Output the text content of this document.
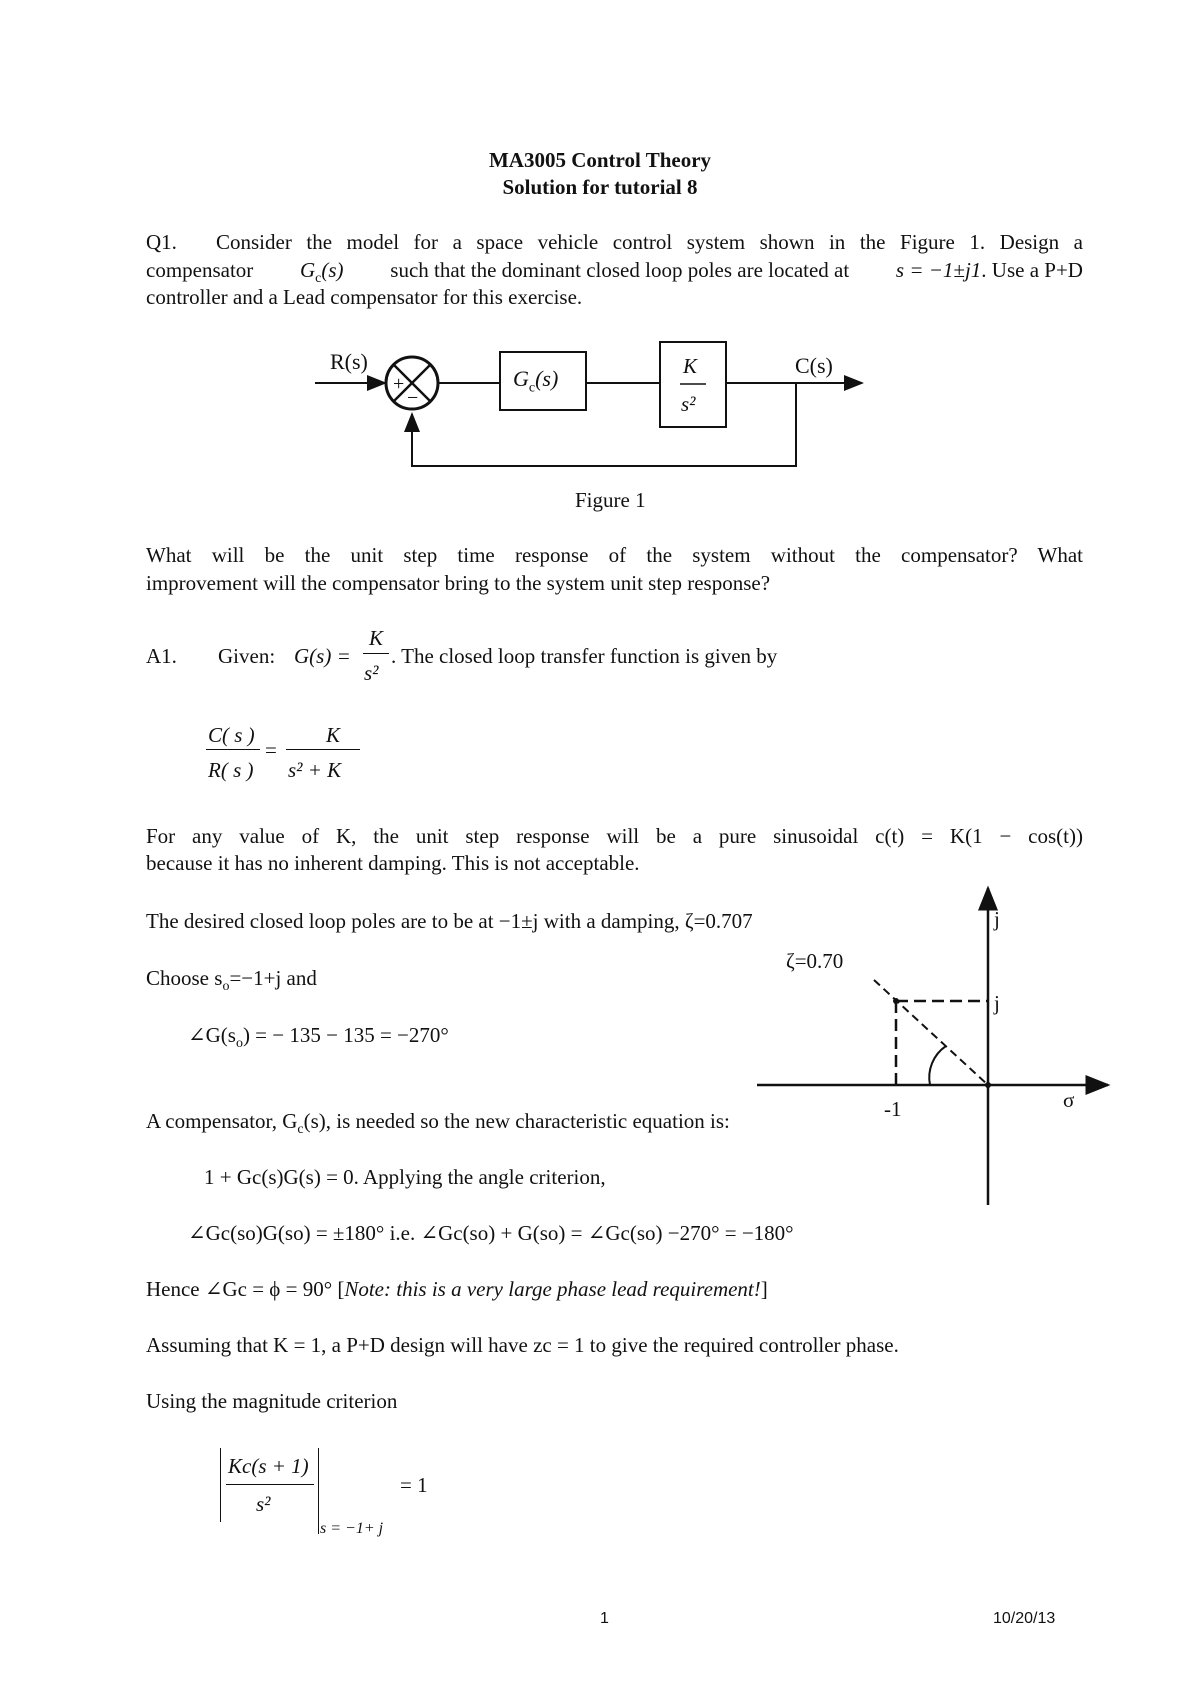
MA3005 Control Theory
Solution for tutorial 8
Q1. Consider the model for a space vehicle control system shown in the Figure 1. Design a
compensator $G_c(s)$ such that the dominant closed loop poles are located at s = −1±j1. Use a P+D
controller and a Lead compensator for this exercise.
R(s)	C(s)
$G_c(s)$	K
s²
+
−
Figure 1
What will be the unit step time response of the system without the compensator? What
improvement will the compensator bring to the system unit step response?
A1. Given: G(s) =
K
s²
. The closed loop transfer function is given by
C( s )
R( s )
=
K
s² + K
For any value of K, the unit step response will be a pure sinusoidal c(t) = K(1 − cos(t))
because it has no inherent damping. This is not acceptable.
The desired closed loop poles are to be at −1±j with a damping, ζ=0.707
Choose $s_o=-1+j$ and
$\angle G(s_o)$ = − 135 − 135 = −270°
A compensator, $G_c(s)$, is needed so the new characteristic equation is:
1 + Gc(s)G(s) = 0. Applying the angle criterion,
∠Gc(so)G(so) = ±180° i.e. ∠Gc(so) + G(so) = ∠Gc(so) −270° = −180°
Hence ∠Gc = ϕ = 90° [Note: this is a very large phase lead requirement!]
Assuming that K = 1, a P+D design will have zc = 1 to give the required controller phase.
Using the magnitude criterion
Kc(s + 1)
s²
s = −1+ j
= 1
j
ζ=0.70
j
-1	σ
1	10/20/13
